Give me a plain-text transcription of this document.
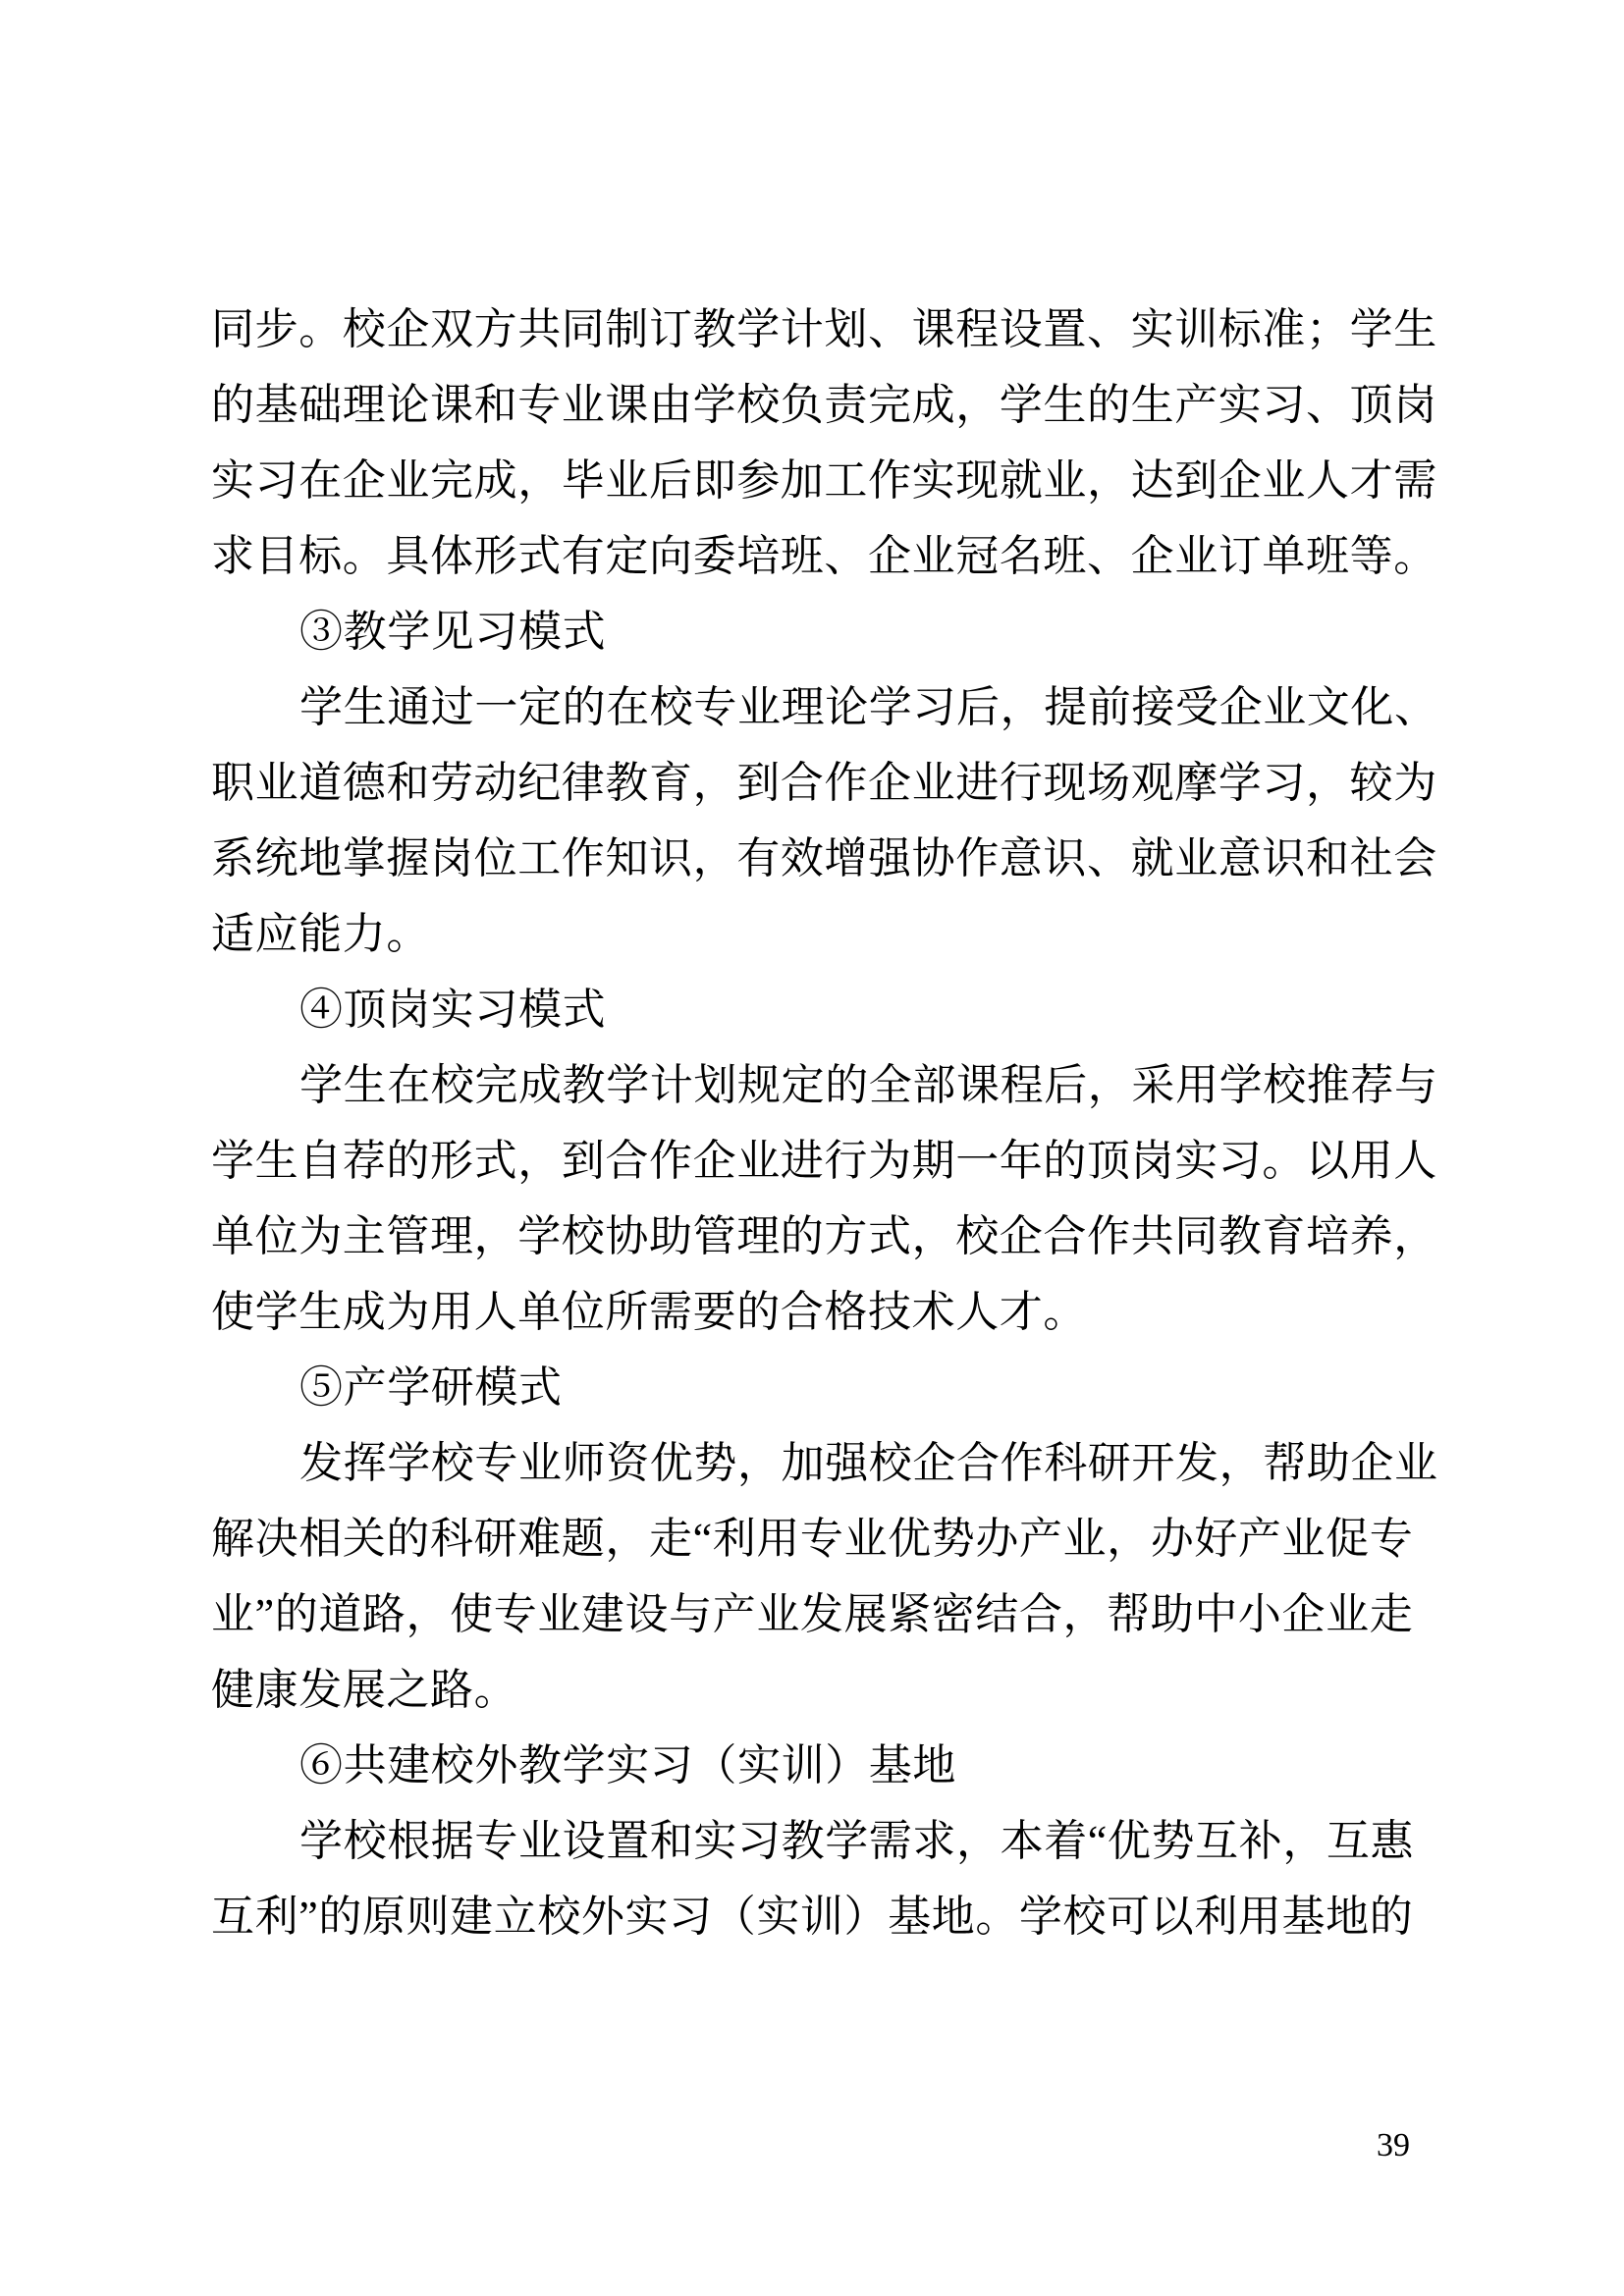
同步。校企双方共同制订教学计划、课程设置、实训标准；学生
的基础理论课和专业课由学校负责完成，学生的生产实习、顶岗
实习在企业完成，毕业后即参加工作实现就业，达到企业人才需
求目标。具体形式有定向委培班、企业冠名班、企业订单班等。
③教学见习模式
学生通过一定的在校专业理论学习后，提前接受企业文化、
职业道德和劳动纪律教育，到合作企业进行现场观摩学习，较为
系统地掌握岗位工作知识，有效增强协作意识、就业意识和社会
适应能力。
④顶岗实习模式
学生在校完成教学计划规定的全部课程后，采用学校推荐与
学生自荐的形式，到合作企业进行为期一年的顶岗实习。以用人
单位为主管理，学校协助管理的方式，校企合作共同教育培养，
使学生成为用人单位所需要的合格技术人才。
⑤产学研模式
发挥学校专业师资优势，加强校企合作科研开发，帮助企业
解决相关的科研难题，走“利用专业优势办产业，办好产业促专
业”的道路，使专业建设与产业发展紧密结合，帮助中小企业走
健康发展之路。
⑥共建校外教学实习（实训）基地
学校根据专业设置和实习教学需求，本着“优势互补，互惠
互利”的原则建立校外实习（实训）基地。学校可以利用基地的
39
